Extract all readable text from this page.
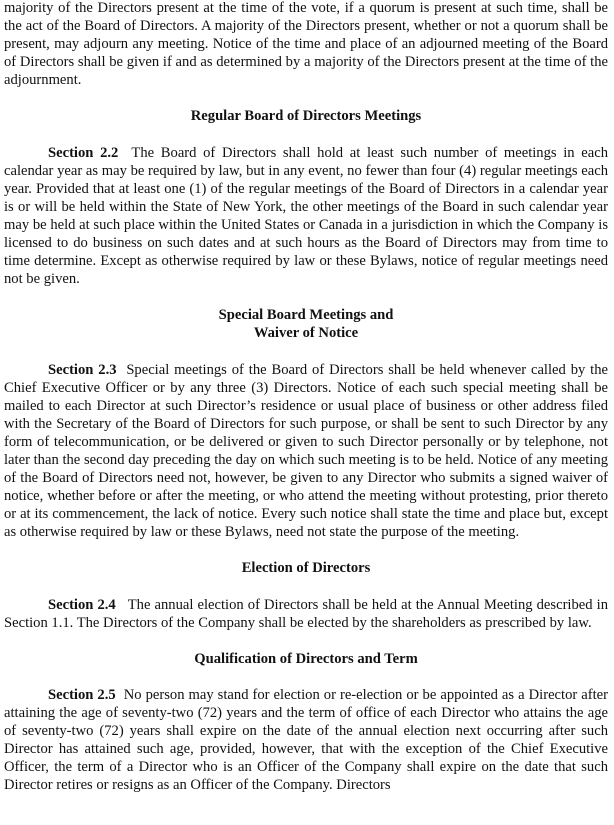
majority of the Directors present at the time of the vote, if a quorum is present at such time, shall be the act of the Board of Directors. A majority of the Directors present, whether or not a quorum shall be present, may adjourn any meeting. Notice of the time and place of an adjourned meeting of the Board of Directors shall be given if and as determined by a majority of the Directors present at the time of the adjournment.

Regular Board of Directors Meetings

Section 2.2 The Board of Directors shall hold at least such number of meetings in each calendar year as may be required by law, but in any event, no fewer than four (4) regular meetings each year. Provided that at least one (1) of the regular meetings of the Board of Directors in a calendar year is or will be held within the State of New York, the other meetings of the Board in such calendar year may be held at such place within the United States or Canada in a jurisdiction in which the Company is licensed to do business on such dates and at such hours as the Board of Directors may from time to time determine. Except as otherwise required by law or these Bylaws, notice of regular meetings need not be given.

Special Board Meetings and
Waiver of Notice

Section 2.3 Special meetings of the Board of Directors shall be held whenever called by the Chief Executive Officer or by any three (3) Directors. Notice of each such special meeting shall be mailed to each Director at such Director’s residence or usual place of business or other address filed with the Secretary of the Board of Directors for such purpose, or shall be sent to such Director by any form of telecommunication, or be delivered or given to such Director personally or by telephone, not later than the second day preceding the day on which such meeting is to be held. Notice of any meeting of the Board of Directors need not, however, be given to any Director who submits a signed waiver of notice, whether before or after the meeting, or who attend the meeting without protesting, prior thereto or at its commencement, the lack of notice. Every such notice shall state the time and place but, except as otherwise required by law or these Bylaws, need not state the purpose of the meeting.

Election of Directors

Section 2.4 The annual election of Directors shall be held at the Annual Meeting described in Section 1.1. The Directors of the Company shall be elected by the shareholders as prescribed by law.

Qualification of Directors and Term

Section 2.5 No person may stand for election or re-election or be appointed as a Director after attaining the age of seventy-two (72) years and the term of office of each Director who attains the age of seventy-two (72) years shall expire on the date of the annual election next occurring after such Director has attained such age, provided, however, that with the exception of the Chief Executive Officer, the term of a Director who is an Officer of the Company shall expire on the date that such Director retires or resigns as an Officer of the Company. Directors
